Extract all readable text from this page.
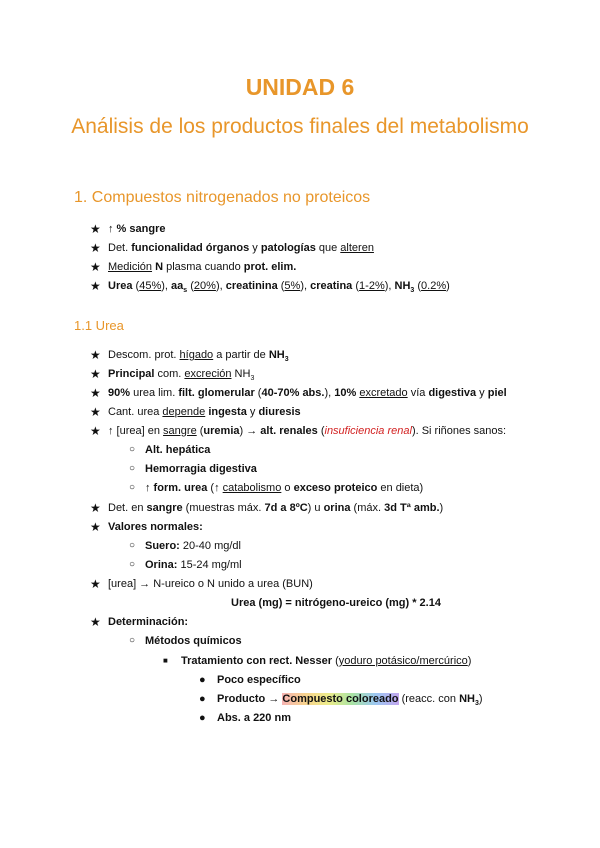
UNIDAD 6
Análisis de los productos finales del metabolismo
1. Compuestos nitrogenados no proteicos
★ ↑ % sangre
★ Det. funcionalidad órganos y patologías que alteren
★ Medición N plasma cuando prot. elim.
★ Urea (45%), $aa_s$ (20%), creatinina (5%), creatina (1-2%), $NH_3$ (0.2%)
1.1 Urea
★ Descom. prot. hígado a partir de $NH_3$
★ Principal com. excreción $NH_3$
★ 90% urea lim. filt. glomerular (40-70% abs.), 10% excretado vía digestiva y piel
★ Cant. urea depende ingesta y diuresis
★ ↑ [urea] en sangre (uremia) → alt. renales (insuficiencia renal). Si riñones sanos:
○ Alt. hepática
○ Hemorragia digestiva
○ ↑ form. urea (↑ catabolismo o exceso proteico en dieta)
★ Det. en sangre (muestras máx. 7d a 8ºC) u orina (máx. 3d Tª amb.)
★ Valores normales:
○ Suero: 20-40 mg/dl
○ Orina: 15-24 mg/ml
★ [urea] → N-ureico o N unido a urea (BUN)
Urea (mg) = nitrógeno-ureico (mg) * 2.14
★ Determinación:
○ Métodos químicos
■ Tratamiento con rect. Nesser (yoduro potásico/mercúrico)
● Poco específico
● Producto → Compuesto coloreado (reacc. con $NH_3$)
● Abs. a 220 nm
